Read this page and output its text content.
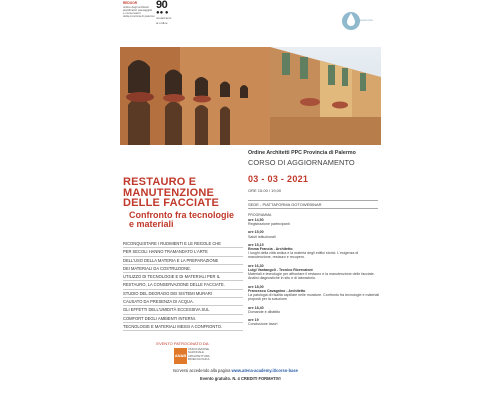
REDOOR
ordine degli architetti
pianificatori paesaggisti
e conservatori
della provincia di palermo
90
●● ●
novant'anni
ai ordine
esperienza
Ordine Architetti PPC Provincia di Palermo
CORSO DI AGGIORNAMENTO
03 - 03 - 2021
ORE 15.00 / 19,00
SEDE - PIATTAFORMA GOTOWEBINAR
RESTAURO E
MANUTENZIONE
DELLE FACCIATE
Confronto fra tecnologie
e materiali
RICONQUISTARE I RUDIMENTI E LE REGOLE CHE
PER SECOLI HANNO TRAMANDATO L'ARTE
DELL'USO DELLA MATERIA E LA PREPARAZIONE
DEI MATERIALI DA COSTRUZIONE.
UTILIZZO DI TECNOLOGIE E DI MATERIALI PER IL
RESTAURO, LA CONSERVAZIONE DELLE FACCIATE.
STUDIO DEL DEGRADO DEI SISTEMI MURARI
CAUSATO DA PRESENZA DI ACQUA.
GLI EFFETTI DELL'UMIDITÀ ECCESSIVA SUL
COMFORT DEGLI AMBIENTI INTERNI.
TECNOLOGIE E MATERIALI MESSI A CONFRONTO.
PROGRAMMA
ore 14,50
Registrazione partecipanti
ore 15,00
Saluti istituzionali
ore 15,15
Emma Francia - Architetto
I luoghi della città antica e la materia degli edifici storici. L'esigenza di manutenzione, restauro e recupero.
ore 16,30
Luigi Vantangoli - Tecnico Ricercatore
Materiali e tecnologie per affrontare il restauro e la manutenzione delle facciate. Analisi diagnostiche in situ e di laboratorio.
ore 18,00
Francesco Cavagnino - Architetto
La patologia di risalita capillare nelle murature. Confronto fra tecnologie e materiali proposti per la soluzione
ore 18,40
Domande e dibattito
ore 19
Conclusione lavori
EVENTO PATROCINATO DA:
ANAB
ASSOCIAZIONE
NAZIONALE
ARCHITETTURA
BIOECOLOGICA
Iscrversi accedendo alla pagina www.atena-academy.it/corso-base
Evento gratuito. N. 4 CREDITI FORMATIVI
